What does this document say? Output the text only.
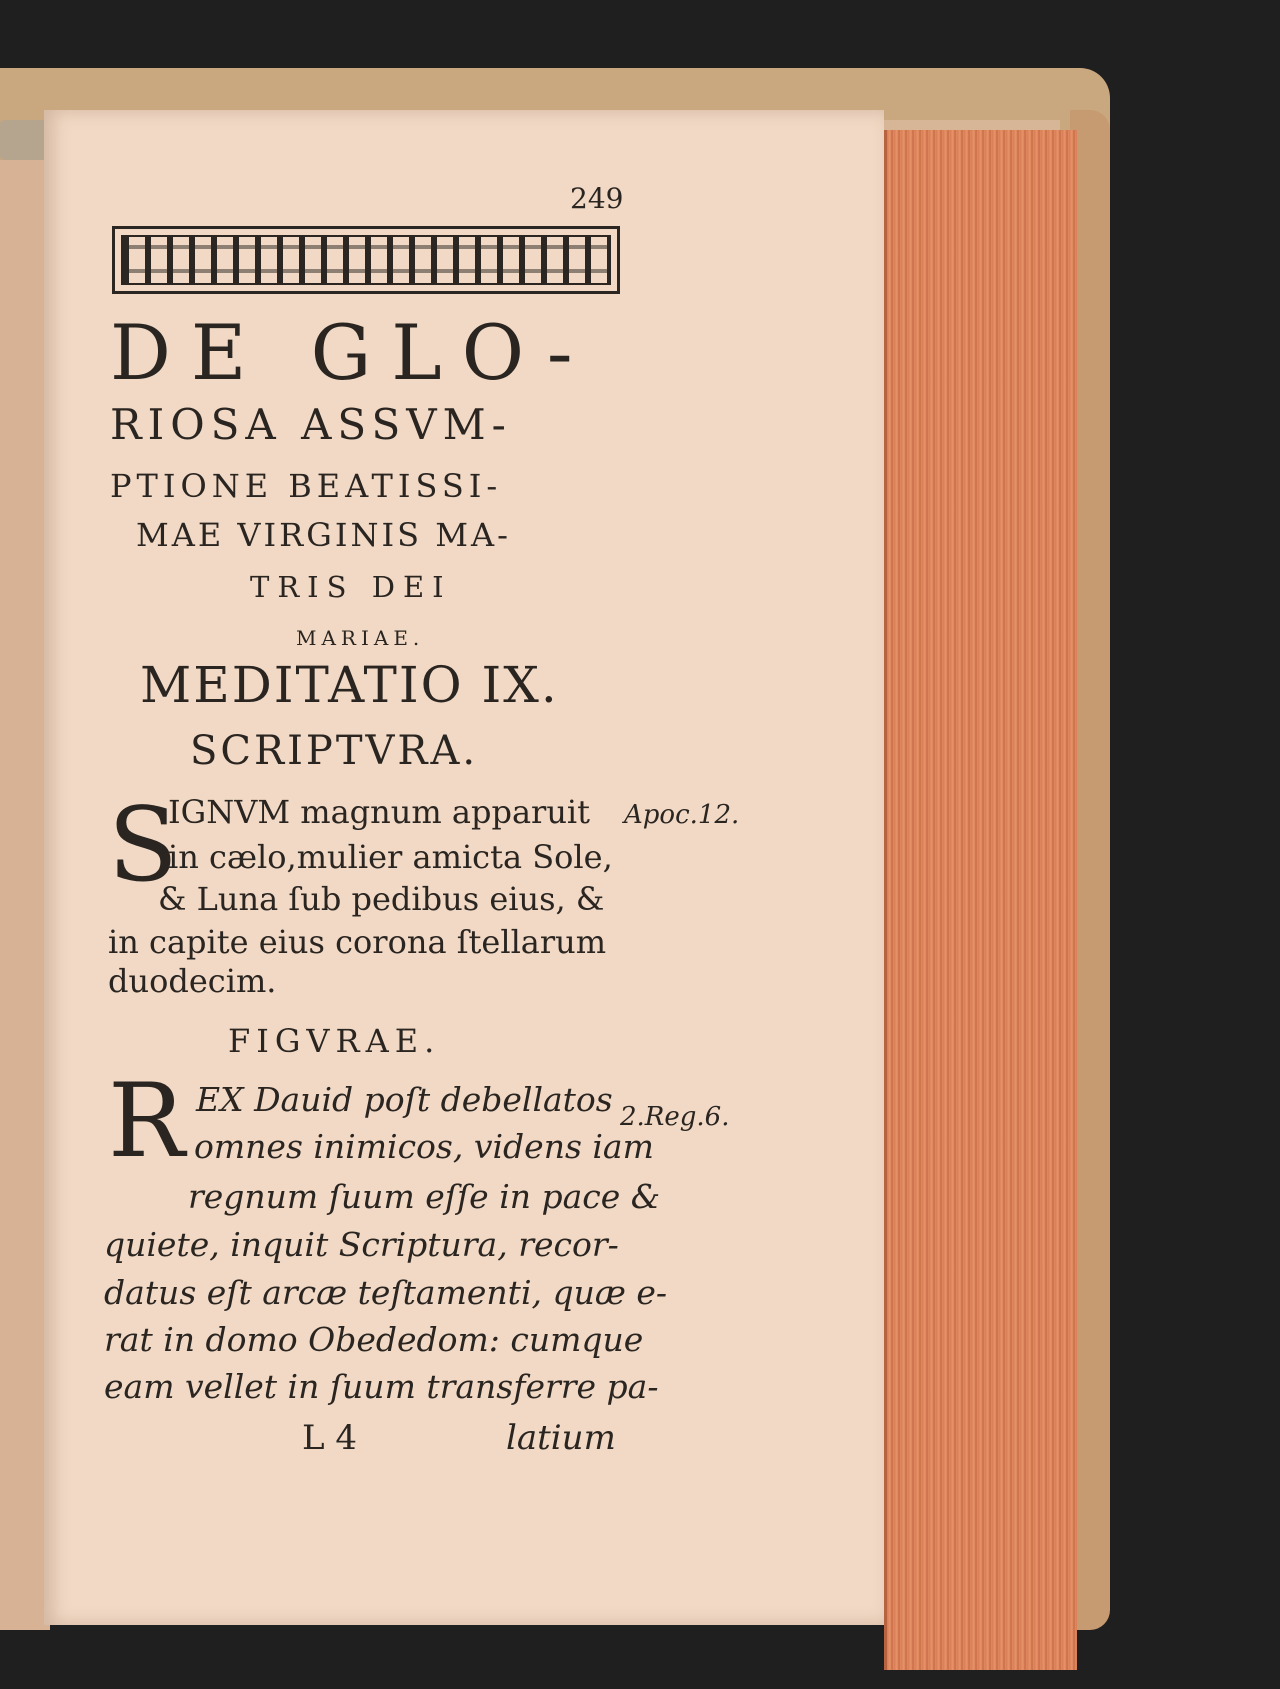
249
DE GLO-
RIOSA ASSVM-
PTIONE BEATISSI-
MAE VIRGINIS MA-
TRIS DEI
MARIAE.
MEDITATIO IX.
SCRIPTVRA.
S
IGNVM magnum apparuit
in cælo,mulier amicta Sole,
& Luna ſub pedibus eius, &
in capite eius corona ſtellarum
duodecim.
Apoc.12.
FIGVRAE.
R EX Dauid poſt debellatos
omnes inimicos, videns iam
regnum ſuum eſſe in pace &
quiete, inquit Scriptura, recor-
datus eſt arcæ teſtamenti, quæ e-
rat in domo Obededom: cumque
eam vellet in ſuum transferre pa-
2.Reg.6.
L 4	latium
